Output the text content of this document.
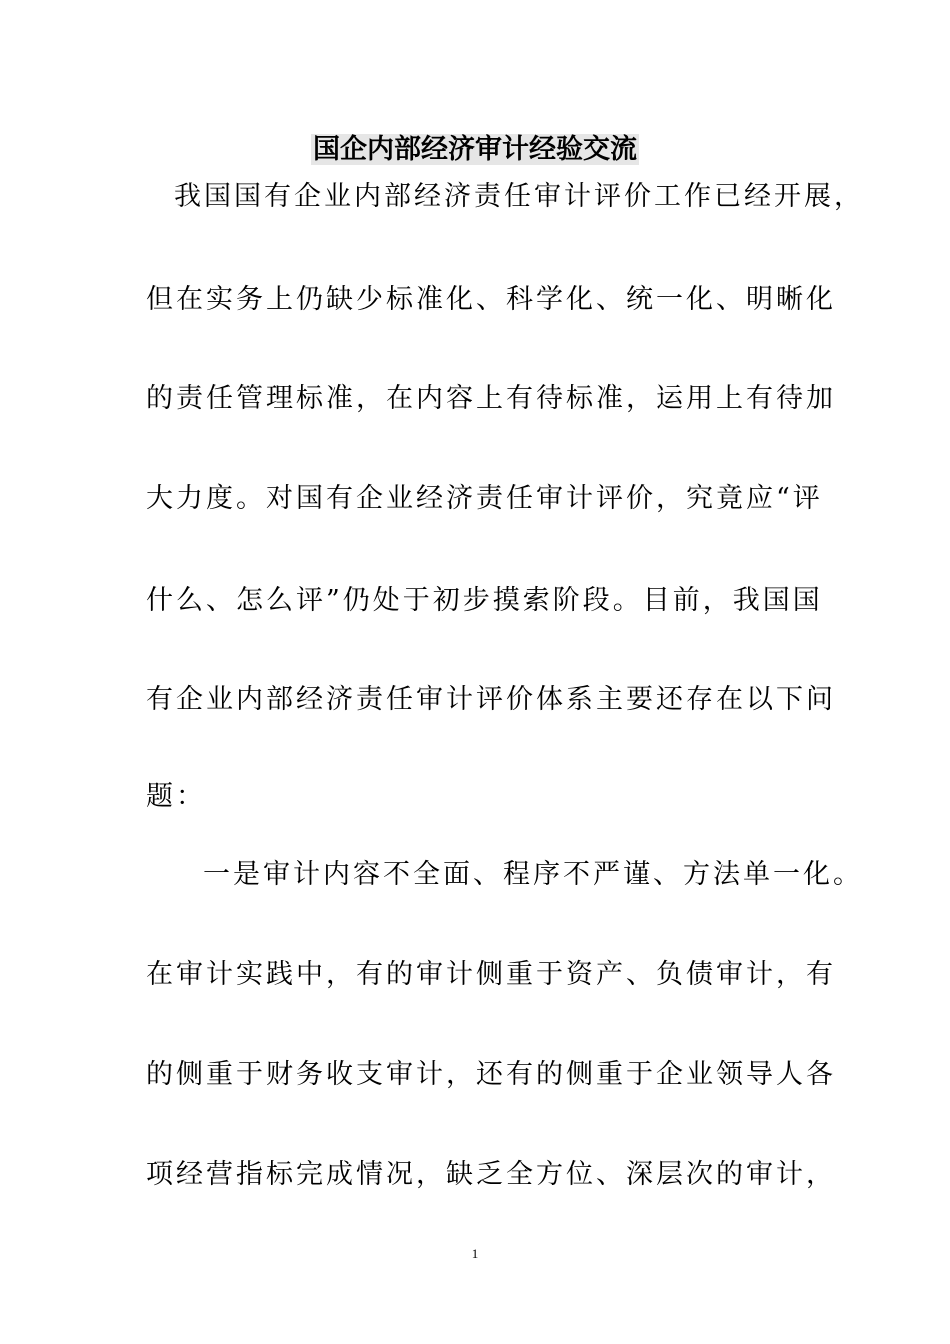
国企内部经济审计经验交流
我国国有企业内部经济责任审计评价工作已经开展，
但在实务上仍缺少标准化、科学化、统一化、明晰化
的责任管理标准，在内容上有待标准，运用上有待加
大力度。对国有企业经济责任审计评价，究竟应“评
什么、怎么评”仍处于初步摸索阶段。目前，我国国
有企业内部经济责任审计评价体系主要还存在以下问
题：
一是审计内容不全面、程序不严谨、方法单一化。
在审计实践中，有的审计侧重于资产、负债审计，有
的侧重于财务收支审计，还有的侧重于企业领导人各
项经营指标完成情况，缺乏全方位、深层次的审计，
1
